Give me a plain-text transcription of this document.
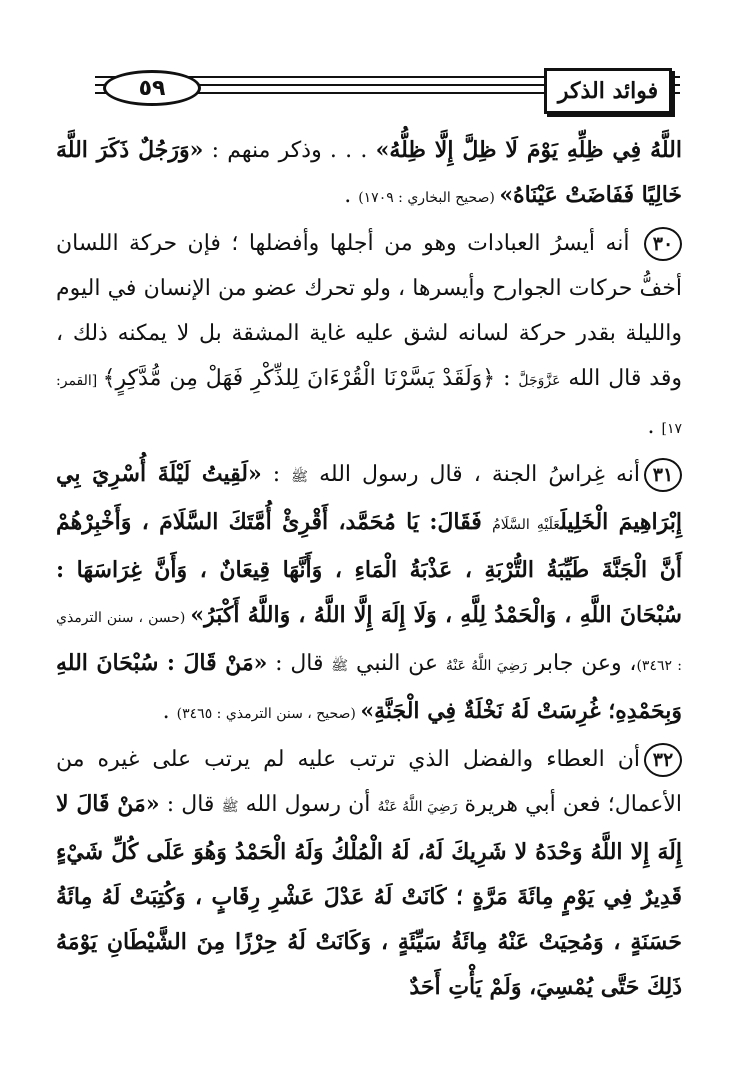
٥٩	فوائد الذكر

اللَّهُ فِي ظِلِّهِ يَوْمَ لَا ظِلَّ إِلَّا ظِلُّهُ» . . . وذكر منهم : «وَرَجُلٌ ذَكَرَ اللَّهَ خَالِيًا فَفَاضَتْ عَيْنَاهُ» (صحيح البخاري : ١٧٠٩) .

٣٠ أنه أيسرُ العبادات وهو من أجلها وأفضلها ؛ فإن حركة اللسان أخفُّ حركات الجوارح وأيسرها ، ولو تحرك عضو من الإنسان في اليوم والليلة بقدر حركة لسانه لشق عليه غاية المشقة بل لا يمكنه ذلك ، وقد قال الله عَزَّوَجَلَّ : ﴿وَلَقَدْ يَسَّرْنَا الْقُرْءَانَ لِلذِّكْرِ فَهَلْ مِن مُّدَّكِرٍ﴾ [القمر: ١٧] .

٣١أنه غِراسُ الجنة ، قال رسول الله ﷺ : «لَقِيتُ لَيْلَةَ أُسْرِيَ بِي إِبْرَاهِيمَ الْخَلِيلَعَلَيْهِ السَّلَامُ فَقَالَ: يَا مُحَمَّد، أَقْرِئْ أُمَّتَكَ السَّلَامَ ، وَأَخْبِرْهُمْ أَنَّ الْجَنَّةَ طَيِّبَةُ التُّرْبَةِ ، عَذْبَةُ الْمَاءِ ، وَأَنَّهَا قِيعَانٌ ، وَأَنَّ غِرَاسَهَا : سُبْحَانَ اللَّهِ ، وَالْحَمْدُ لِلَّهِ ، وَلَا إِلَهَ إِلَّا اللَّهُ ، وَاللَّهُ أَكْبَرُ» (حسن ، سنن الترمذي : ٣٤٦٢)، وعن جابر رَضِيَ اللَّهُ عَنْهُ عن النبي ﷺ قال : «مَنْ قَالَ : سُبْحَانَ اللهِ وَبِحَمْدِهِ؛ غُرِسَتْ لَهُ نَخْلَةٌ فِي الْجَنَّةِ» (صحيح ، سنن الترمذي : ٣٤٦٥) .

٣٢أن العطاء والفضل الذي ترتب عليه لم يرتب على غيره من الأعمال؛ فعن أبي هريرة رَضِيَ اللَّهُ عَنْهُ أن رسول الله ﷺ قال : «مَنْ قَالَ لا إِلَهَ إِلا اللَّهُ وَحْدَهُ لا شَرِيكَ لَهُ، لَهُ الْمُلْكُ وَلَهُ الْحَمْدُ وَهُوَ عَلَى كُلِّ شَيْءٍ قَدِيرٌ فِي يَوْمٍ مِائَةَ مَرَّةٍ ؛ كَانَتْ لَهُ عَدْلَ عَشْرِ رِقَابٍ ، وَكُتِبَتْ لَهُ مِائَةُ حَسَنَةٍ ، وَمُحِيَتْ عَنْهُ مِائَةُ سَيِّئَةٍ ، وَكَانَتْ لَهُ حِرْزًا مِنَ الشَّيْطَانِ يَوْمَهُ ذَلِكَ حَتَّى يُمْسِيَ، وَلَمْ يَأْتِ أَحَدٌ
